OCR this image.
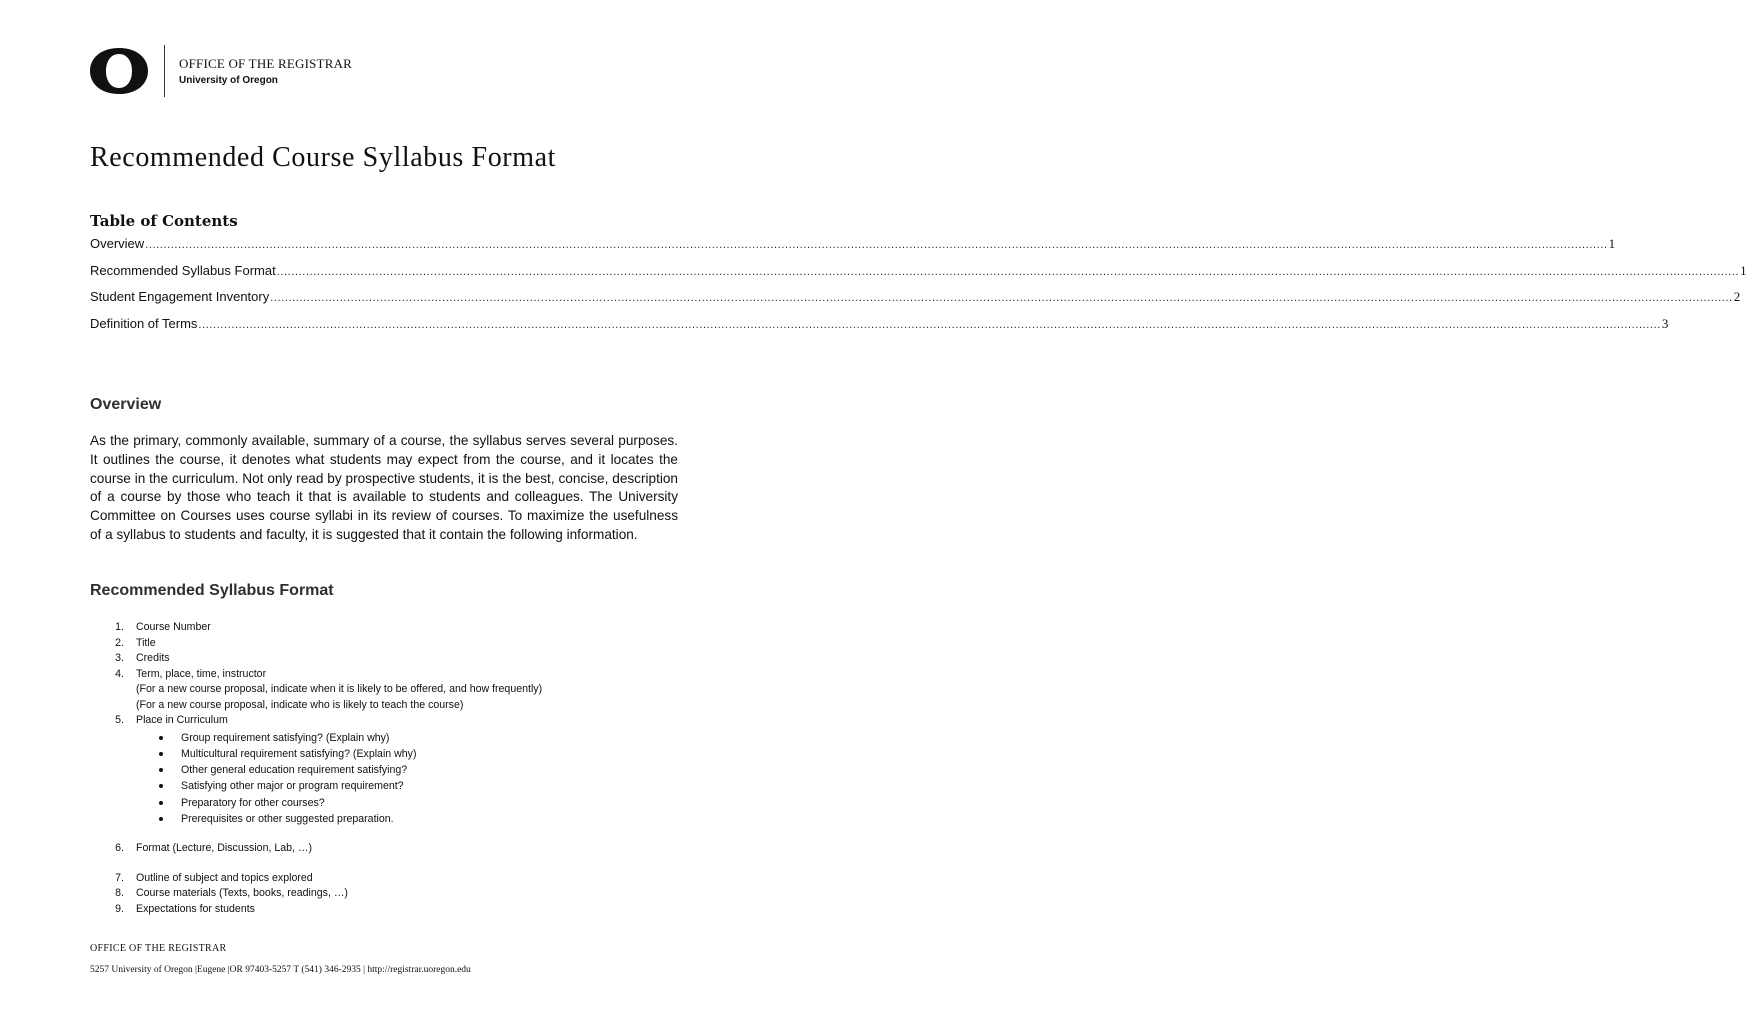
OFFICE OF THE REGISTRAR
University of Oregon
Recommended Course Syllabus Format
Table of Contents
Overview ................................................................................................................................................................................................................................................................................................................................................................................................................ 1
Recommended Syllabus Format ................................................................................................................................................................................................................................................................................................................................................................................................................ 1
Student Engagement Inventory ................................................................................................................................................................................................................................................................................................................................................................................................................ 2
Definition of Terms ................................................................................................................................................................................................................................................................................................................................................................................................................ 3
Overview

As the primary, commonly available, summary of a course, the syllabus serves several purposes. It outlines the course, it denotes what students may expect from the course, and it locates the course in the curriculum. Not only read by prospective students, it is the best, concise, description of a course by those who teach it that is available to students and colleagues. The University Committee on Courses uses course syllabi in its review of courses. To maximize the usefulness of a syllabus to students and faculty, it is suggested that it contain the following information.

Recommended Syllabus Format
1. Course Number
2. Title
3. Credits
4. Term, place, time, instructor
(For a new course proposal, indicate when it is likely to be offered, and how frequently)
(For a new course proposal, indicate who is likely to teach the course)
5. Place in Curriculum
Group requirement satisfying? (Explain why)
Multicultural requirement satisfying? (Explain why)
Other general education requirement satisfying?
Satisfying other major or program requirement?
Preparatory for other courses?
Prerequisites or other suggested preparation.
6. Format (Lecture, Discussion, Lab, …)
7. Outline of subject and topics explored
8. Course materials (Texts, books, readings, …)
9. Expectations for students
OFFICE OF THE REGISTRAR
5257 University of Oregon |Eugene |OR 97403-5257 T (541) 346-2935 | http://registrar.uoregon.edu
